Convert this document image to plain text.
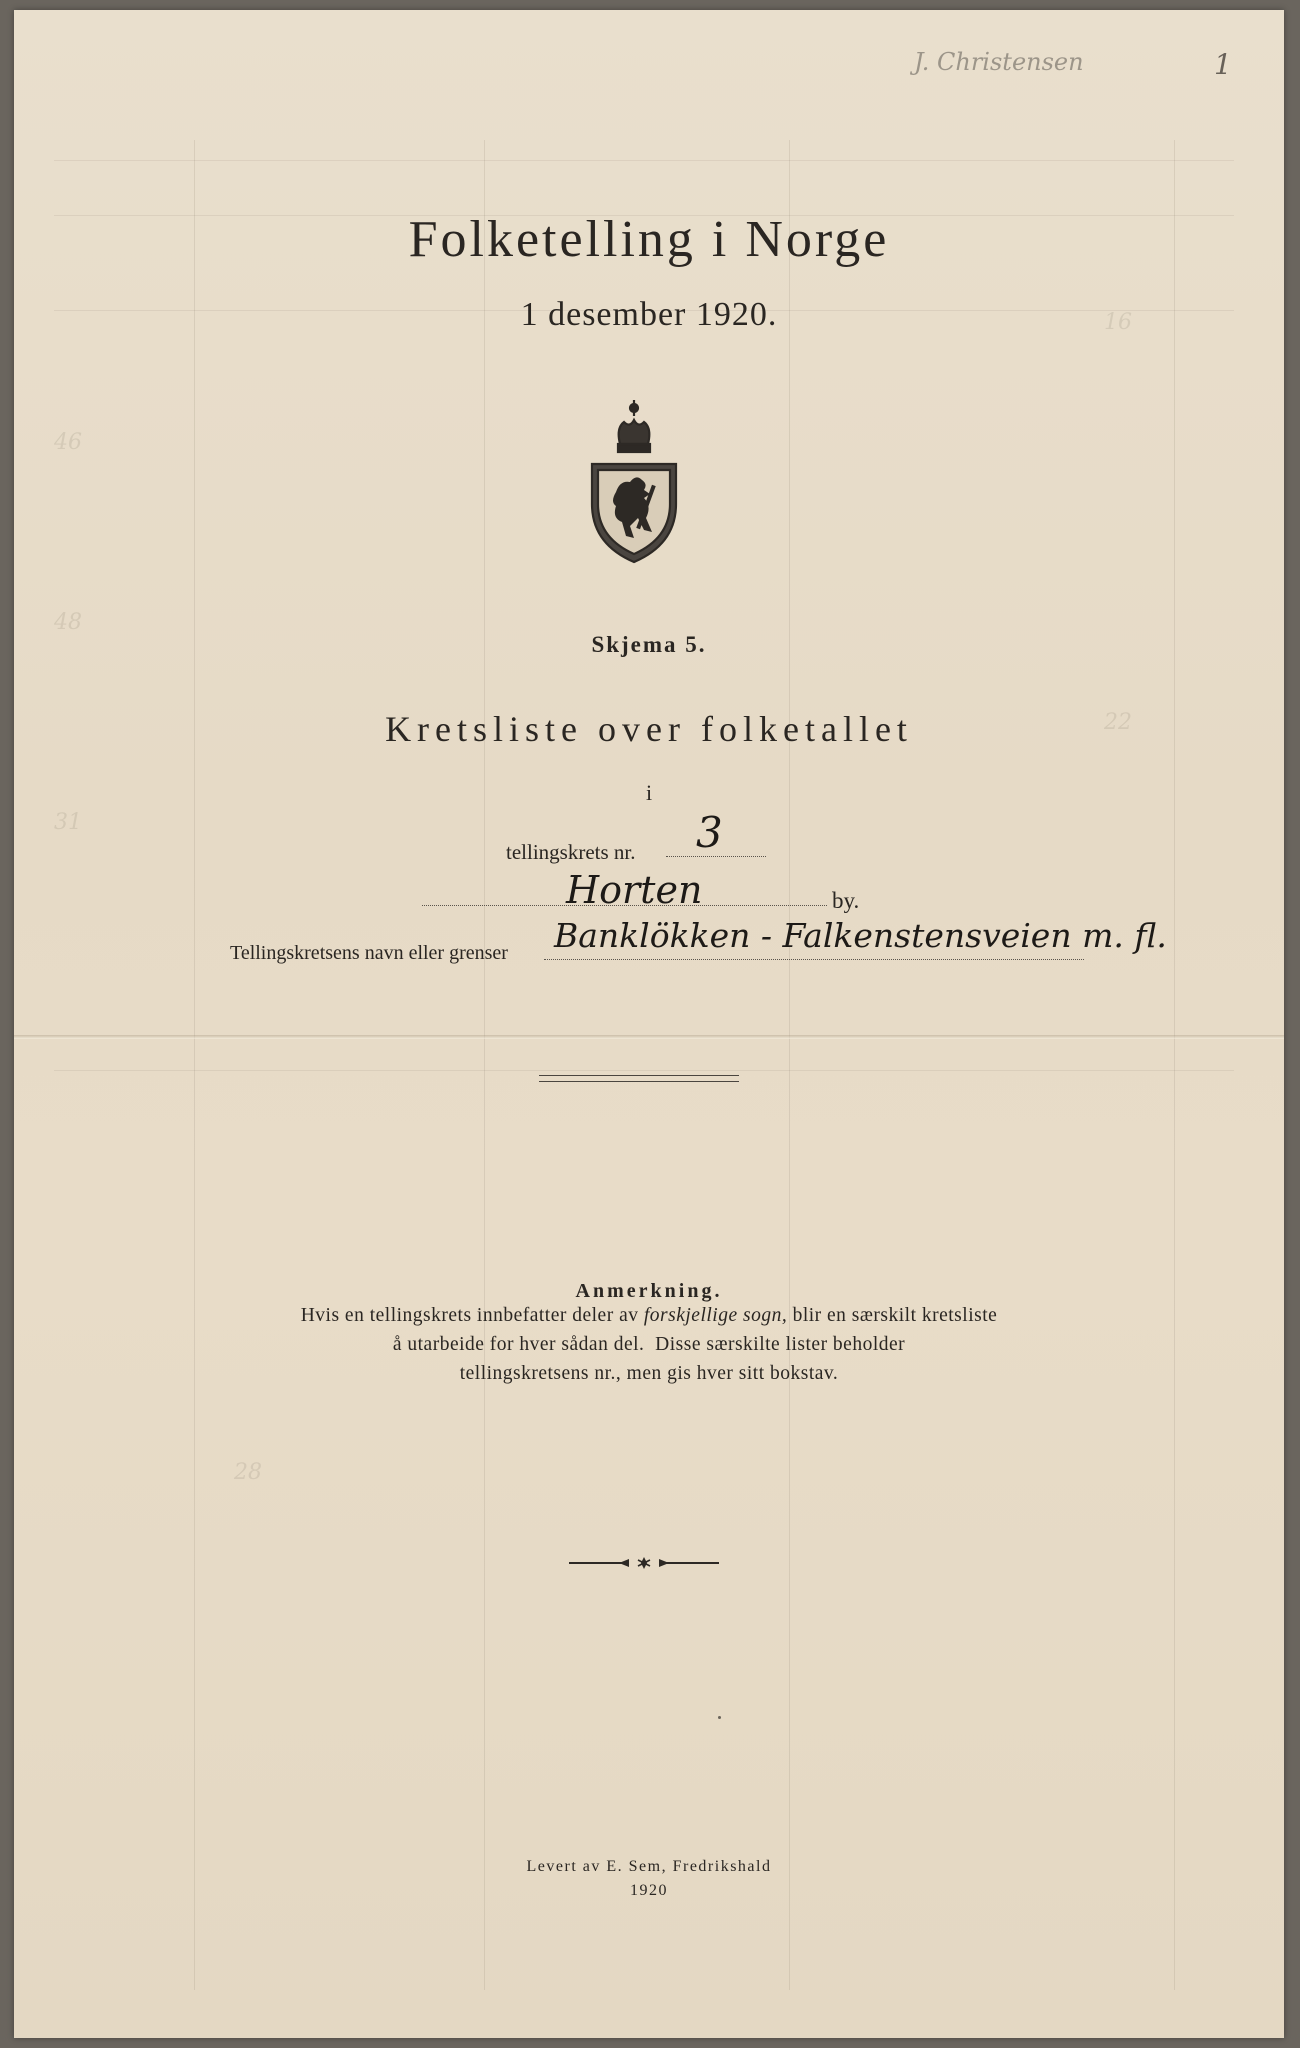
46
48
31
16
22
28
J. Christensen	1
Folketelling i Norge
1 desember 1920.
Skjema 5.
Kretsliste over folketallet
i
tellingskrets nr. 3
Horten	by.
Tellingskretsens navn eller grenser Banklökken - Falkenstensveien m. fl.
Anmerkning.
Hvis en tellingskrets innbefatter deler av forskjellige sogn, blir en særskilt kretsliste
å utarbeide for hver sådan del.  Disse særskilte lister beholder
tellingskretsens nr., men gis hver sitt bokstav.
Levert av E. Sem, Fredrikshald
1920
